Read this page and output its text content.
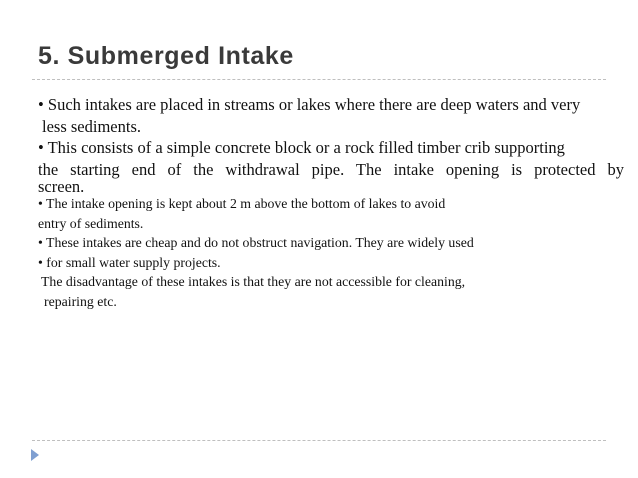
5. Submerged Intake

• Such intakes are placed in streams or lakes where there are deep waters and very

less sediments.

• This consists of a simple concrete block or a rock filled timber crib supporting

the starting end of the withdrawal pipe. The intake opening is protected by

screen.

• The intake opening is kept about 2 m above the bottom of lakes to avoid

entry of sediments.

• These intakes are cheap and do not obstruct navigation. They are widely used

• for small water supply projects.

The disadvantage of these intakes is that they are not accessible for cleaning,

repairing etc.
